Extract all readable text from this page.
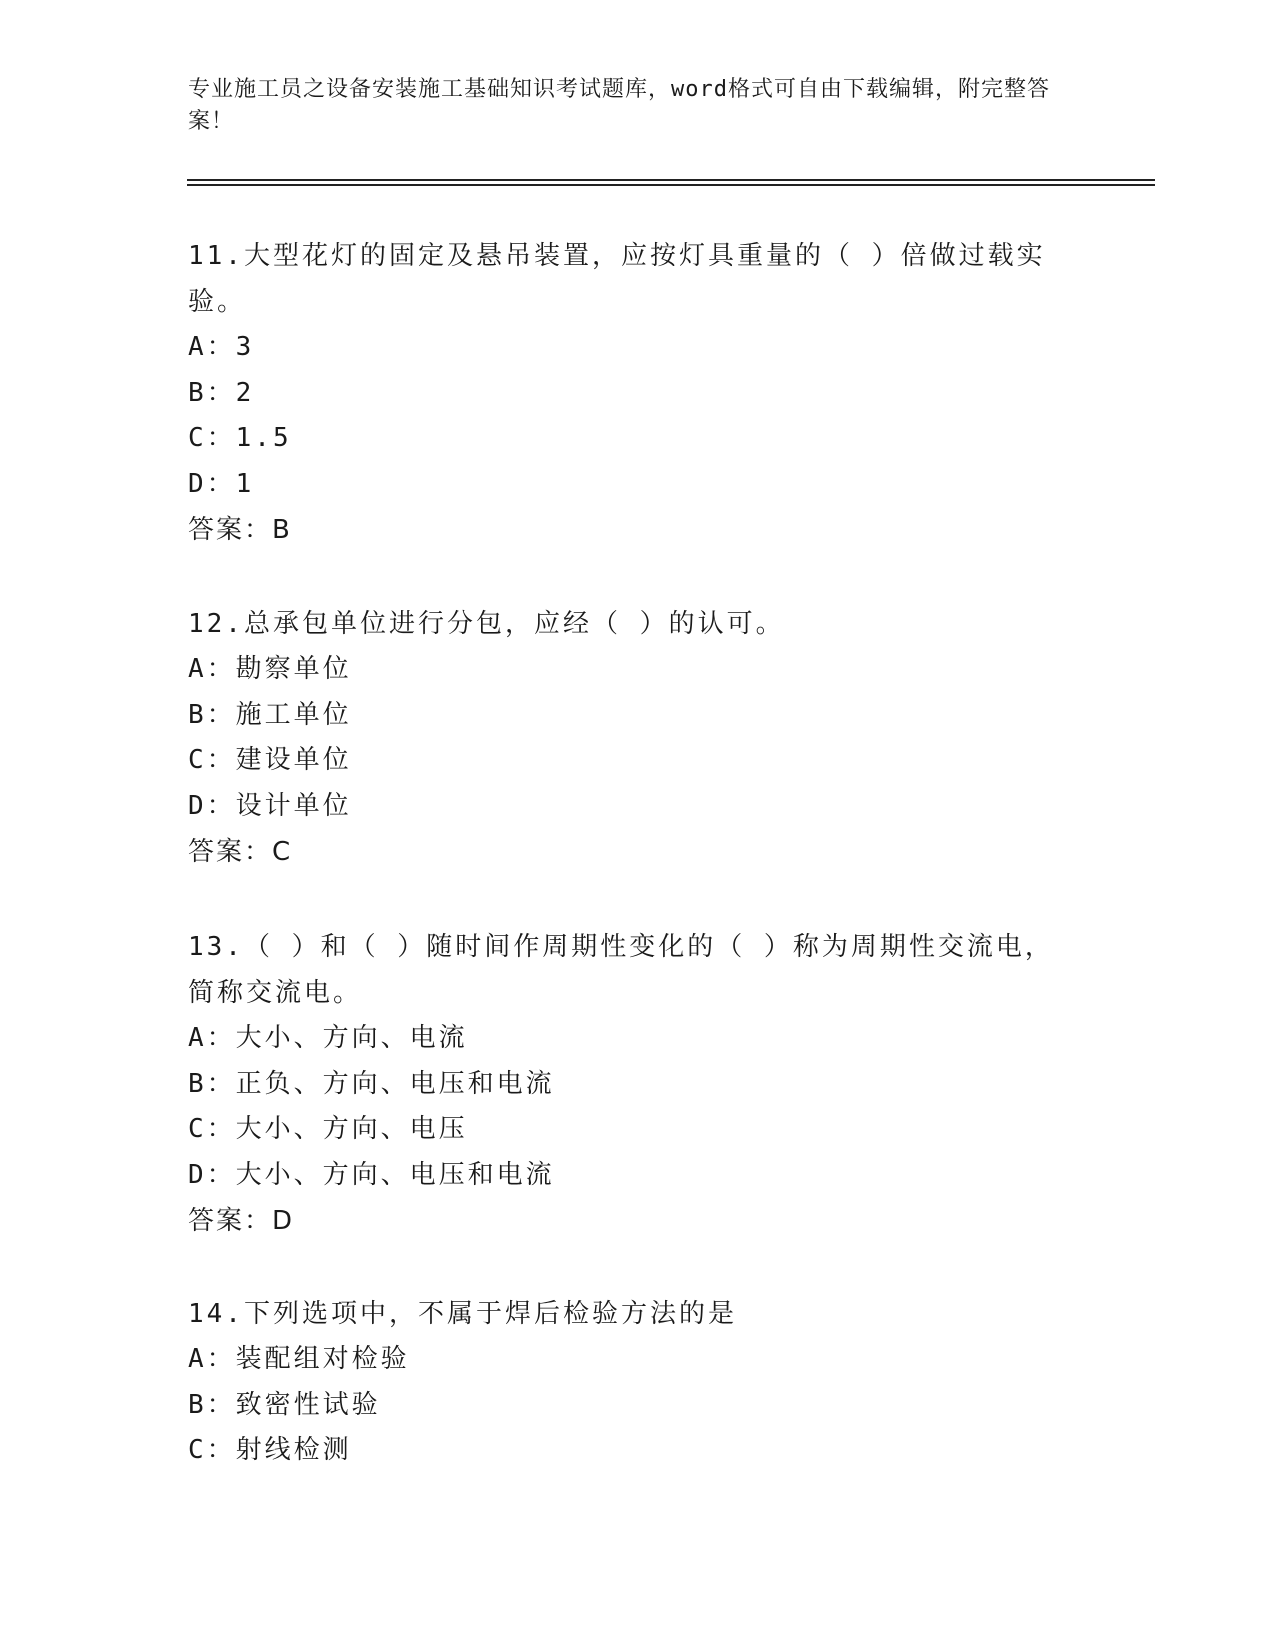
专业施工员之设备安装施工基础知识考试题库，word格式可自由下载编辑，附完整答案！
11.大型花灯的固定及悬吊装置，应按灯具重量的（ ）倍做过载实验。
A：3
B：2
C：1.5
D：1
答案：B
12.总承包单位进行分包，应经（ ）的认可。
A：勘察单位
B：施工单位
C：建设单位
D：设计单位
答案：C
13.（ ）和（ ）随时间作周期性变化的（ ）称为周期性交流电，简称交流电。
A：大小、方向、电流
B：正负、方向、电压和电流
C：大小、方向、电压
D：大小、方向、电压和电流
答案：D
14.下列选项中，不属于焊后检验方法的是
A：装配组对检验
B：致密性试验
C：射线检测
